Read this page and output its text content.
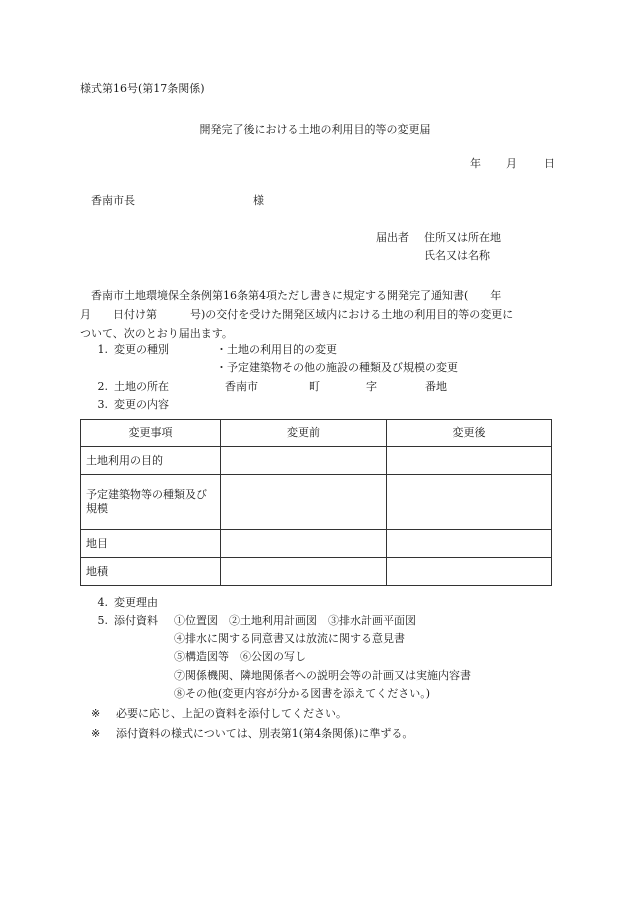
様式第16号(第17条関係)
開発完了後における土地の利用目的等の変更届
年 月 日
香南市長	様
届出者 住所又は所在地
氏名又は名称
香南市土地環境保全条例第16条第4項ただし書きに規定する開発完了通知書(　　年
月　　日付け第　　　号)の交付を受けた開発区域内における土地の利用目的等の変更に
ついて、次のとおり届出ます。
1. 変更の種別	・土地の利用目的の変更
・予定建築物その他の施設の種類及び規模の変更
2. 土地の所在	香南市	町	字	番地
3. 変更の内容
変更事項	変更前	変更後
土地利用の目的		
予定建築物等の種類及び規模		
地目		
地積		
4. 変更理由
5. 添付資料 ①位置図　②土地利用計画図　③排水計画平面図
④排水に関する同意書又は放流に関する意見書
⑤構造図等　⑥公図の写し
⑦関係機関、隣地関係者への説明会等の計画又は実施内容書
⑧その他(変更内容が分かる図書を添えてください。)
※ 必要に応じ、上記の資料を添付してください。
※ 添付資料の様式については、別表第1(第4条関係)に準ずる。
